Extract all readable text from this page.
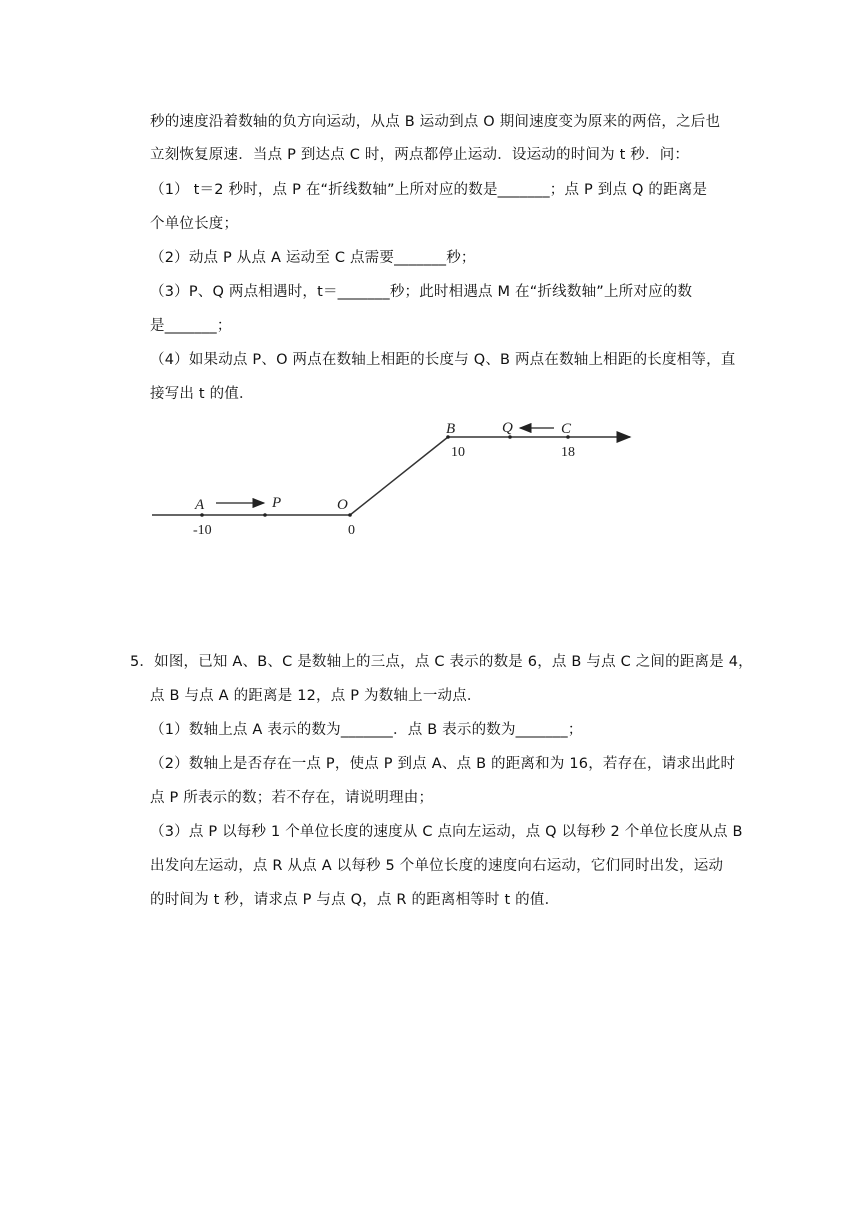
秒的速度沿着数轴的负方向运动，从点 B 运动到点 O 期间速度变为原来的两倍，之后也
立刻恢复原速．当点 P 到达点 C 时，两点都停止运动．设运动的时间为 t 秒．问：
（1） t＝2 秒时，点 P 在“折线数轴”上所对应的数是_______；点 P 到点 Q 的距离是
个单位长度；
（2）动点 P 从点 A 运动至 C 点需要_______秒；
（3）P、Q 两点相遇时，t＝_______秒；此时相遇点 M 在“折线数轴”上所对应的数
是_______；
（4）如果动点 P、O 两点在数轴上相距的长度与 Q、B 两点在数轴上相距的长度相等，直
接写出 t 的值．
A	P	O
B	Q	C
-10	0
10	18
5．如图，已知 A、B、C 是数轴上的三点，点 C 表示的数是 6，点 B 与点 C 之间的距离是 4，
点 B 与点 A 的距离是 12，点 P 为数轴上一动点．
（1）数轴上点 A 表示的数为_______．点 B 表示的数为_______；
（2）数轴上是否存在一点 P，使点 P 到点 A、点 B 的距离和为 16，若存在，请求出此时
点 P 所表示的数；若不存在，请说明理由；
（3）点 P 以每秒 1 个单位长度的速度从 C 点向左运动，点 Q 以每秒 2 个单位长度从点 B
出发向左运动，点 R 从点 A 以每秒 5 个单位长度的速度向右运动，它们同时出发，运动
的时间为 t 秒，请求点 P 与点 Q，点 R 的距离相等时 t 的值．
